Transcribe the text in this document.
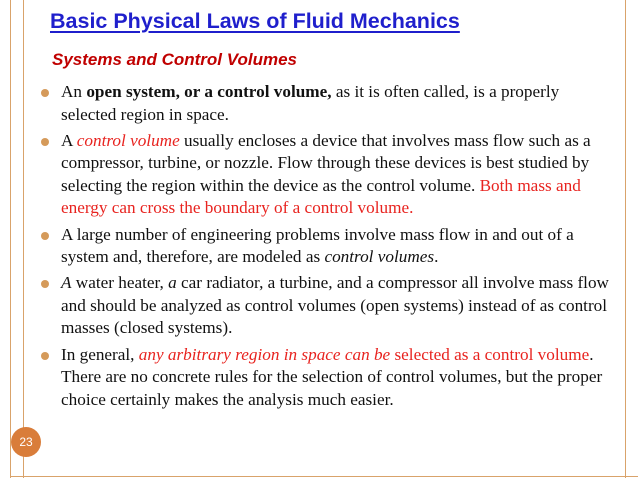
Basic Physical Laws of Fluid Mechanics
Systems and Control Volumes
An open system, or a control volume, as it is often called, is a properly selected region in space.
A control volume usually encloses a device that involves mass flow such as a compressor, turbine, or nozzle. Flow through these devices is best studied by selecting the region within the device as the control volume. Both mass and energy can cross the boundary of a control volume.
A large number of engineering problems involve mass flow in and out of a system and, therefore, are modeled as control volumes.
A water heater, a car radiator, a turbine, and a compressor all involve mass flow and should be analyzed as control volumes (open systems) instead of as control masses (closed systems).
In general, any arbitrary region in space can be selected as a control volume. There are no concrete rules for the selection of control volumes, but the proper choice certainly makes the analysis much easier.
23
